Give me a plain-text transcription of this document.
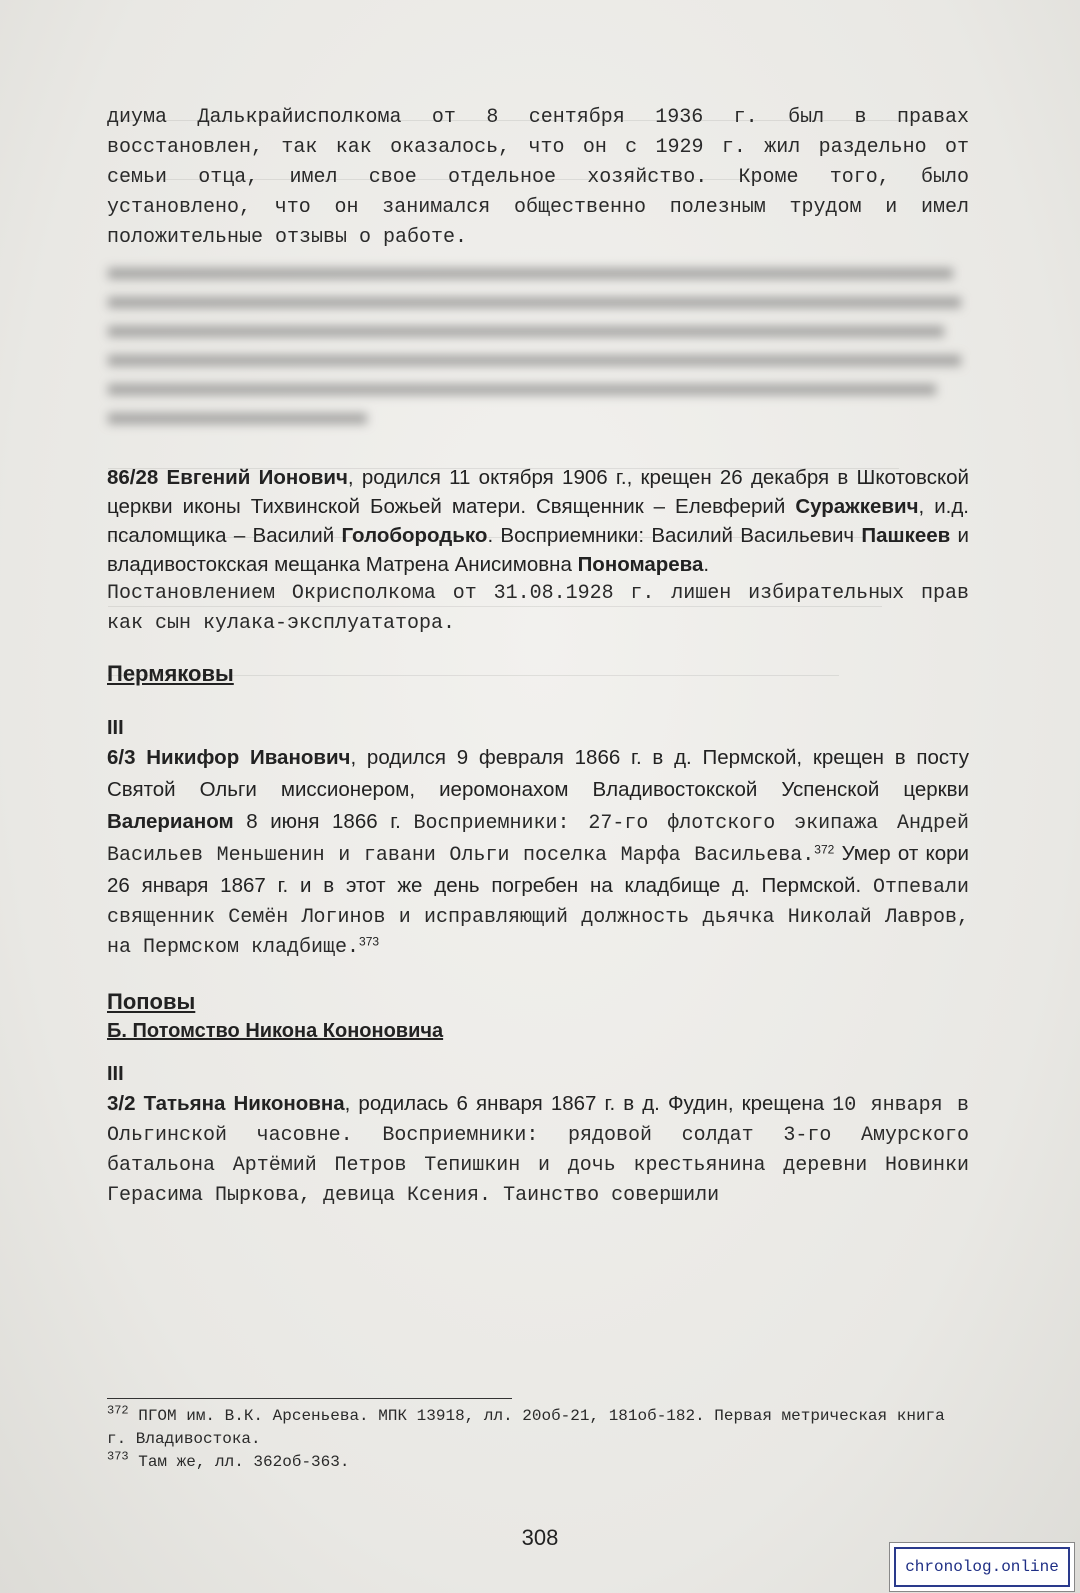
диума Далькрайисполкома от 8 сентября 1936 г. был в правах восстановлен, так как оказалось, что он с 1929 г. жил раздельно от семьи отца, имел свое отдельное хозяйство. Кроме того, было установлено, что он занимался общественно полезным трудом и имел положительные отзывы о работе.

86/28 Евгений Ионович, родился 11 октября 1906 г., крещен 26 декабря в Шкотовской церкви иконы Тихвинской Божьей матери. Священник – Елевферий Суражкевич, и.д. псаломщика – Василий Голобородько. Восприемники: Василий Васильевич Пашкеев и владивостокская мещанка Матрена Анисимовна Пономарева.

Постановлением Окрисполкома от 31.08.1928 г. лишен избирательных прав как сын кулака-эксплуататора.

Пермяковы
III

6/3 Никифор Иванович, родился 9 февраля 1866 г. в д. Пермской, крещен в посту Святой Ольги миссионером, иеромонахом Владивостокской Успенской церкви Валерианом 8 июня 1866 г. Восприемники: 27-го флотского экипажа Андрей Васильев Меньшенин и гавани Ольги поселка Марфа Васильева.$^{372}$ Умер от кори 26 января 1867 г. и в этот же день погребен на кладбище д. Пермской. Отпевали священник Семён Логинов и исправляющий должность дьячка Николай Лавров, на Пермском кладбище.$^{373}$

Поповы
Б. Потомство Никона Кононовича
III

3/2 Татьяна Никоновна, родилась 6 января 1867 г. в д. Фудин, крещена 10 января в Ольгинской часовне. Восприемники: рядовой солдат 3-го Амурского батальона Артёмий Петров Тепишкин и дочь крестьянина деревни Новинки Герасима Пыркова, девица Ксения. Таинство совершили

$^{372}$ ПГОМ им. В.К. Арсеньева. МПК 13918, лл. 20об-21, 181об-182. Первая метрическая книга г. Владивостока.
$^{373}$ Там же, лл. 362об-363.
308
chronolog.online
